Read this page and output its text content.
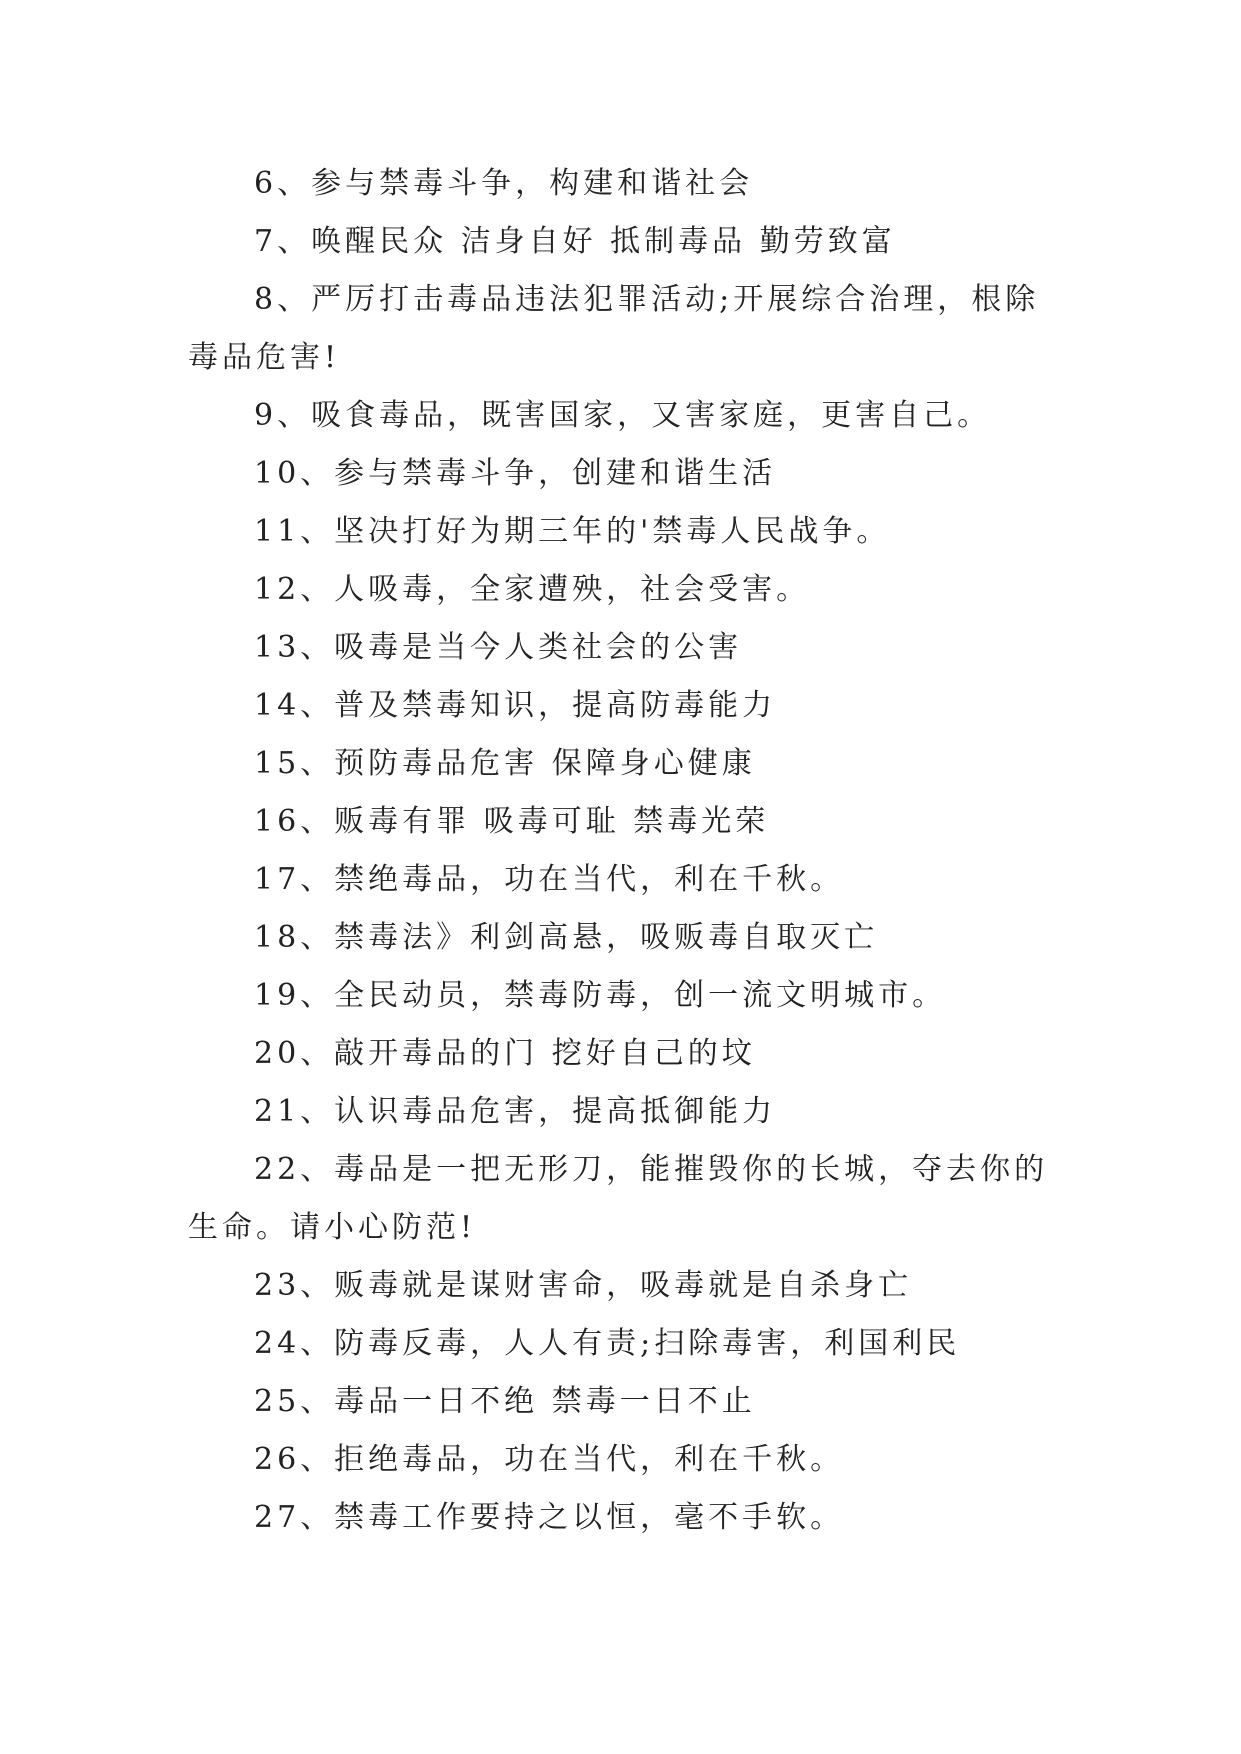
6、参与禁毒斗争，构建和谐社会

7、唤醒民众 洁身自好 抵制毒品 勤劳致富

8、严厉打击毒品违法犯罪活动;开展综合治理，根除毒品危害!

9、吸食毒品，既害国家，又害家庭，更害自己。

10、参与禁毒斗争，创建和谐生活

11、坚决打好为期三年的'禁毒人民战争。

12、人吸毒，全家遭殃，社会受害。

13、吸毒是当今人类社会的公害

14、普及禁毒知识，提高防毒能力

15、预防毒品危害 保障身心健康

16、贩毒有罪 吸毒可耻 禁毒光荣

17、禁绝毒品，功在当代，利在千秋。

18、禁毒法》利剑高悬，吸贩毒自取灭亡

19、全民动员，禁毒防毒，创一流文明城市。

20、敲开毒品的门 挖好自己的坟

21、认识毒品危害，提高抵御能力

22、毒品是一把无形刀，能摧毁你的长城，夺去你的生命。请小心防范!

23、贩毒就是谋财害命，吸毒就是自杀身亡

24、防毒反毒，人人有责;扫除毒害，利国利民

25、毒品一日不绝 禁毒一日不止

26、拒绝毒品，功在当代，利在千秋。

27、禁毒工作要持之以恒，毫不手软。
